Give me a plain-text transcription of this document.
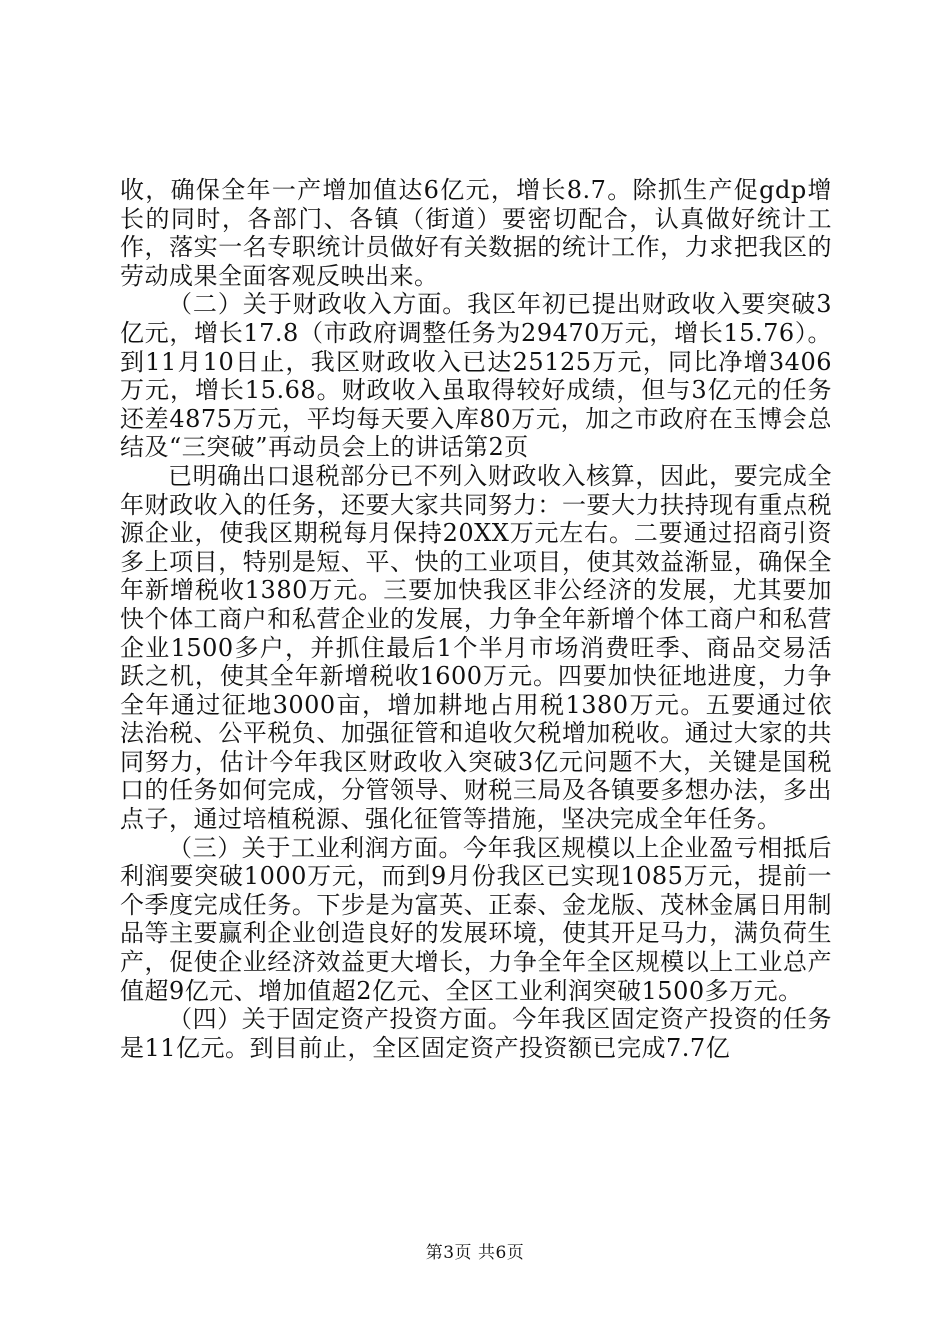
收，确保全年一产增加值达6亿元，增长8.7。除抓生产促gdp增长的同时，各部门、各镇（街道）要密切配合，认真做好统计工作，落实一名专职统计员做好有关数据的统计工作，力求把我区的劳动成果全面客观反映出来。

（二）关于财政收入方面。我区年初已提出财政收入要突破3亿元，增长17.8（市政府调整任务为29470万元，增长15.76）。到11月10日止，我区财政收入已达25125万元，同比净增3406万元，增长15.68。财政收入虽取得较好成绩，但与3亿元的任务还差4875万元，平均每天要入库80万元，加之市政府在玉博会总结及“三突破”再动员会上的讲话第2页

已明确出口退税部分已不列入财政收入核算，因此，要完成全年财政收入的任务，还要大家共同努力：一要大力扶持现有重点税源企业，使我区期税每月保持20XX万元左右。二要通过招商引资多上项目，特别是短、平、快的工业项目，使其效益渐显，确保全年新增税收1380万元。三要加快我区非公经济的发展，尤其要加快个体工商户和私营企业的发展，力争全年新增个体工商户和私营企业1500多户，并抓住最后1个半月市场消费旺季、商品交易活跃之机，使其全年新增税收1600万元。四要加快征地进度，力争全年通过征地3000亩，增加耕地占用税1380万元。五要通过依法治税、公平税负、加强征管和追收欠税增加税收。通过大家的共同努力，估计今年我区财政收入突破3亿元问题不大，关键是国税口的任务如何完成，分管领导、财税三局及各镇要多想办法，多出点子，通过培植税源、强化征管等措施，坚决完成全年任务。

（三）关于工业利润方面。今年我区规模以上企业盈亏相抵后利润要突破1000万元，而到9月份我区已实现1085万元，提前一个季度完成任务。下步是为富英、正泰、金龙版、茂林金属日用制品等主要赢利企业创造良好的发展环境，使其开足马力，满负荷生产，促使企业经济效益更大增长，力争全年全区规模以上工业总产值超9亿元、增加值超2亿元、全区工业利润突破1500多万元。

（四）关于固定资产投资方面。今年我区固定资产投资的任务是11亿元。到目前止，全区固定资产投资额已完成7.7亿

第3页 共6页
